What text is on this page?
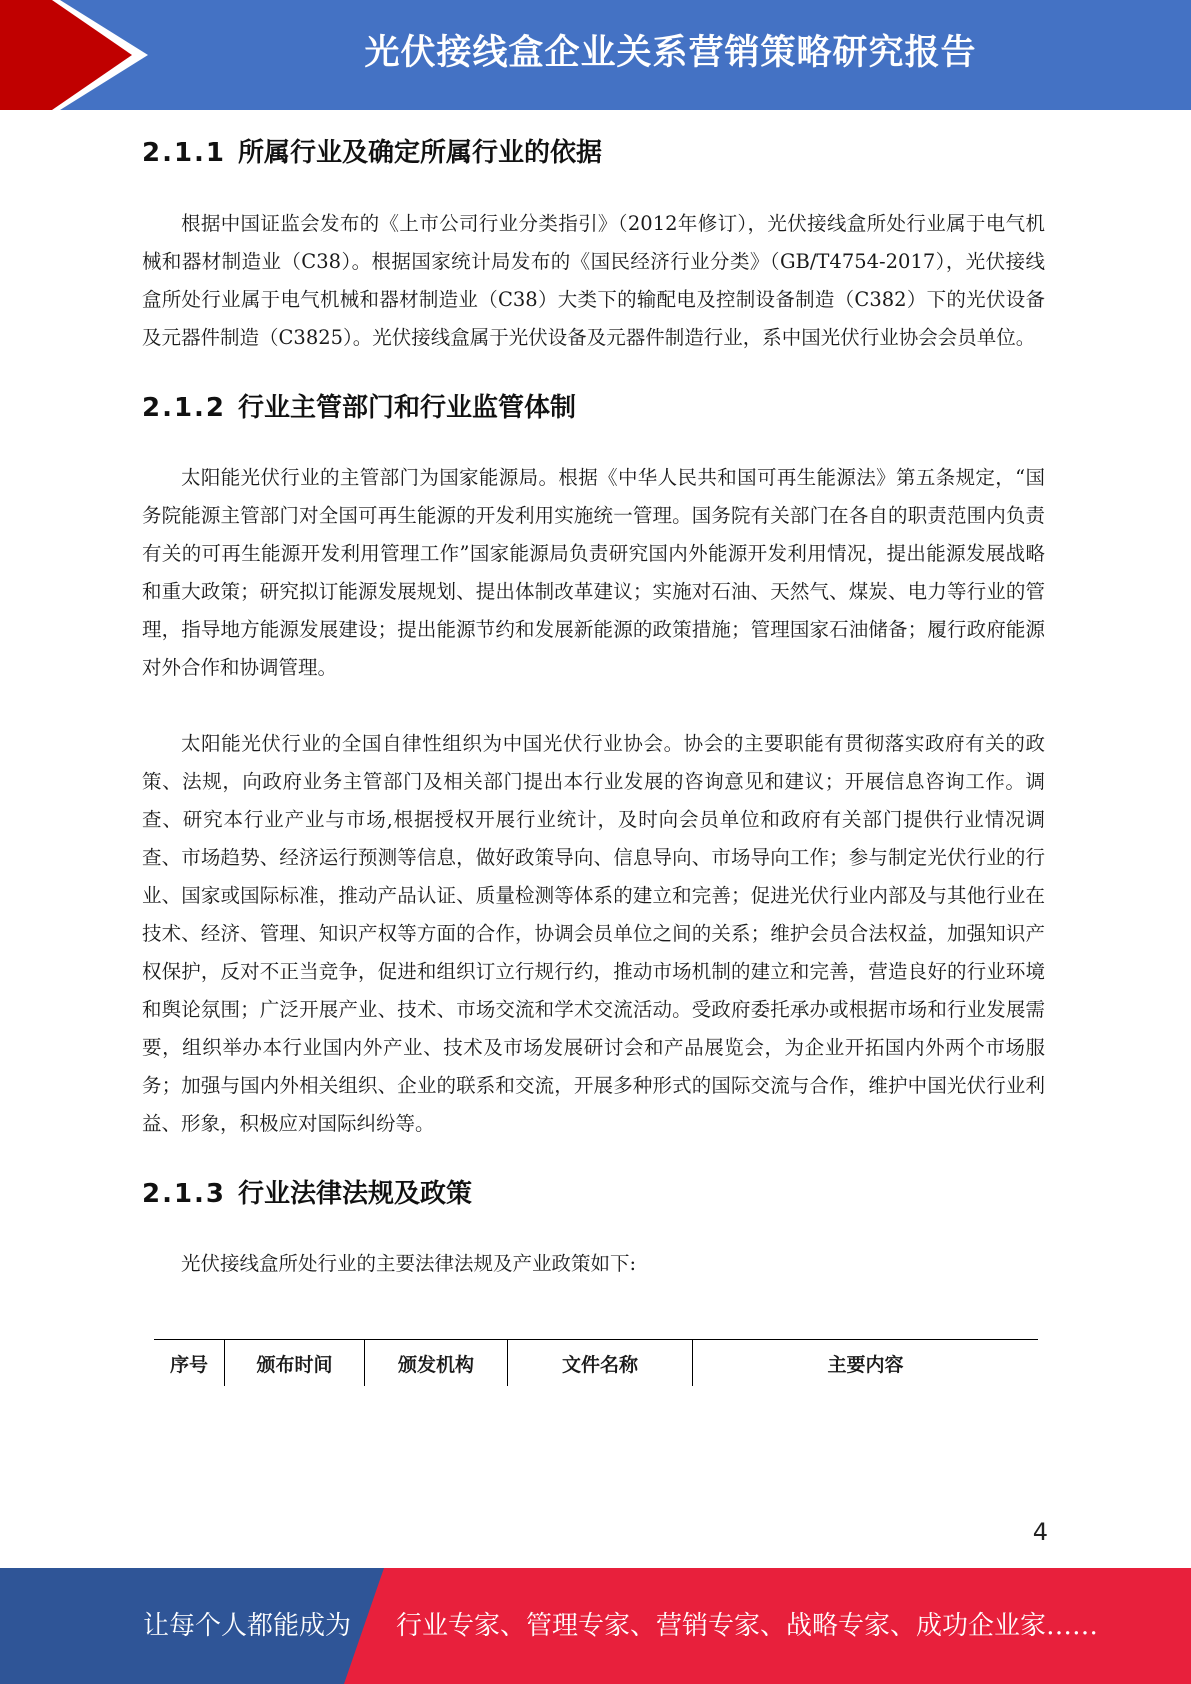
光伏接线盒企业关系营销策略研究报告
2.1.1 所属行业及确定所属行业的依据

根据中国证监会发布的《上市公司行业分类指引》（2012年修订），光伏接线盒所处行业属于电气机械和器材制造业（C38）。根据国家统计局发布的《国民经济行业分类》（GB/T4754-2017），光伏接线盒所处行业属于电气机械和器材制造业（C38）大类下的输配电及控制设备制造（C382）下的光伏设备及元器件制造（C3825）。光伏接线盒属于光伏设备及元器件制造行业，系中国光伏行业协会会员单位。

2.1.2 行业主管部门和行业监管体制

太阳能光伏行业的主管部门为国家能源局。根据《中华人民共和国可再生能源法》第五条规定，“国务院能源主管部门对全国可再生能源的开发利用实施统一管理。国务院有关部门在各自的职责范围内负责有关的可再生能源开发利用管理工作”国家能源局负责研究国内外能源开发利用情况，提出能源发展战略和重大政策；研究拟订能源发展规划、提出体制改革建议；实施对石油、天然气、煤炭、电力等行业的管理，指导地方能源发展建设；提出能源节约和发展新能源的政策措施；管理国家石油储备；履行政府能源对外合作和协调管理。

太阳能光伏行业的全国自律性组织为中国光伏行业协会。协会的主要职能有贯彻落实政府有关的政策、法规，向政府业务主管部门及相关部门提出本行业发展的咨询意见和建议；开展信息咨询工作。调查、研究本行业产业与市场,根据授权开展行业统计，及时向会员单位和政府有关部门提供行业情况调查、市场趋势、经济运行预测等信息，做好政策导向、信息导向、市场导向工作；参与制定光伏行业的行业、国家或国际标准，推动产品认证、质量检测等体系的建立和完善；促进光伏行业内部及与其他行业在技术、经济、管理、知识产权等方面的合作，协调会员单位之间的关系；维护会员合法权益，加强知识产权保护，反对不正当竞争，促进和组织订立行规行约，推动市场机制的建立和完善，营造良好的行业环境和舆论氛围；广泛开展产业、技术、市场交流和学术交流活动。受政府委托承办或根据市场和行业发展需要，组织举办本行业国内外产业、技术及市场发展研讨会和产品展览会，为企业开拓国内外两个市场服务；加强与国内外相关组织、企业的联系和交流，开展多种形式的国际交流与合作，维护中国光伏行业利益、形象，积极应对国际纠纷等。

2.1.3 行业法律法规及政策

光伏接线盒所处行业的主要法律法规及产业政策如下:

序号	颁布时间	颁发机构	文件名称	主要内容
4
让每个人都能成为 行业专家、管理专家、营销专家、战略专家、成功企业家……
